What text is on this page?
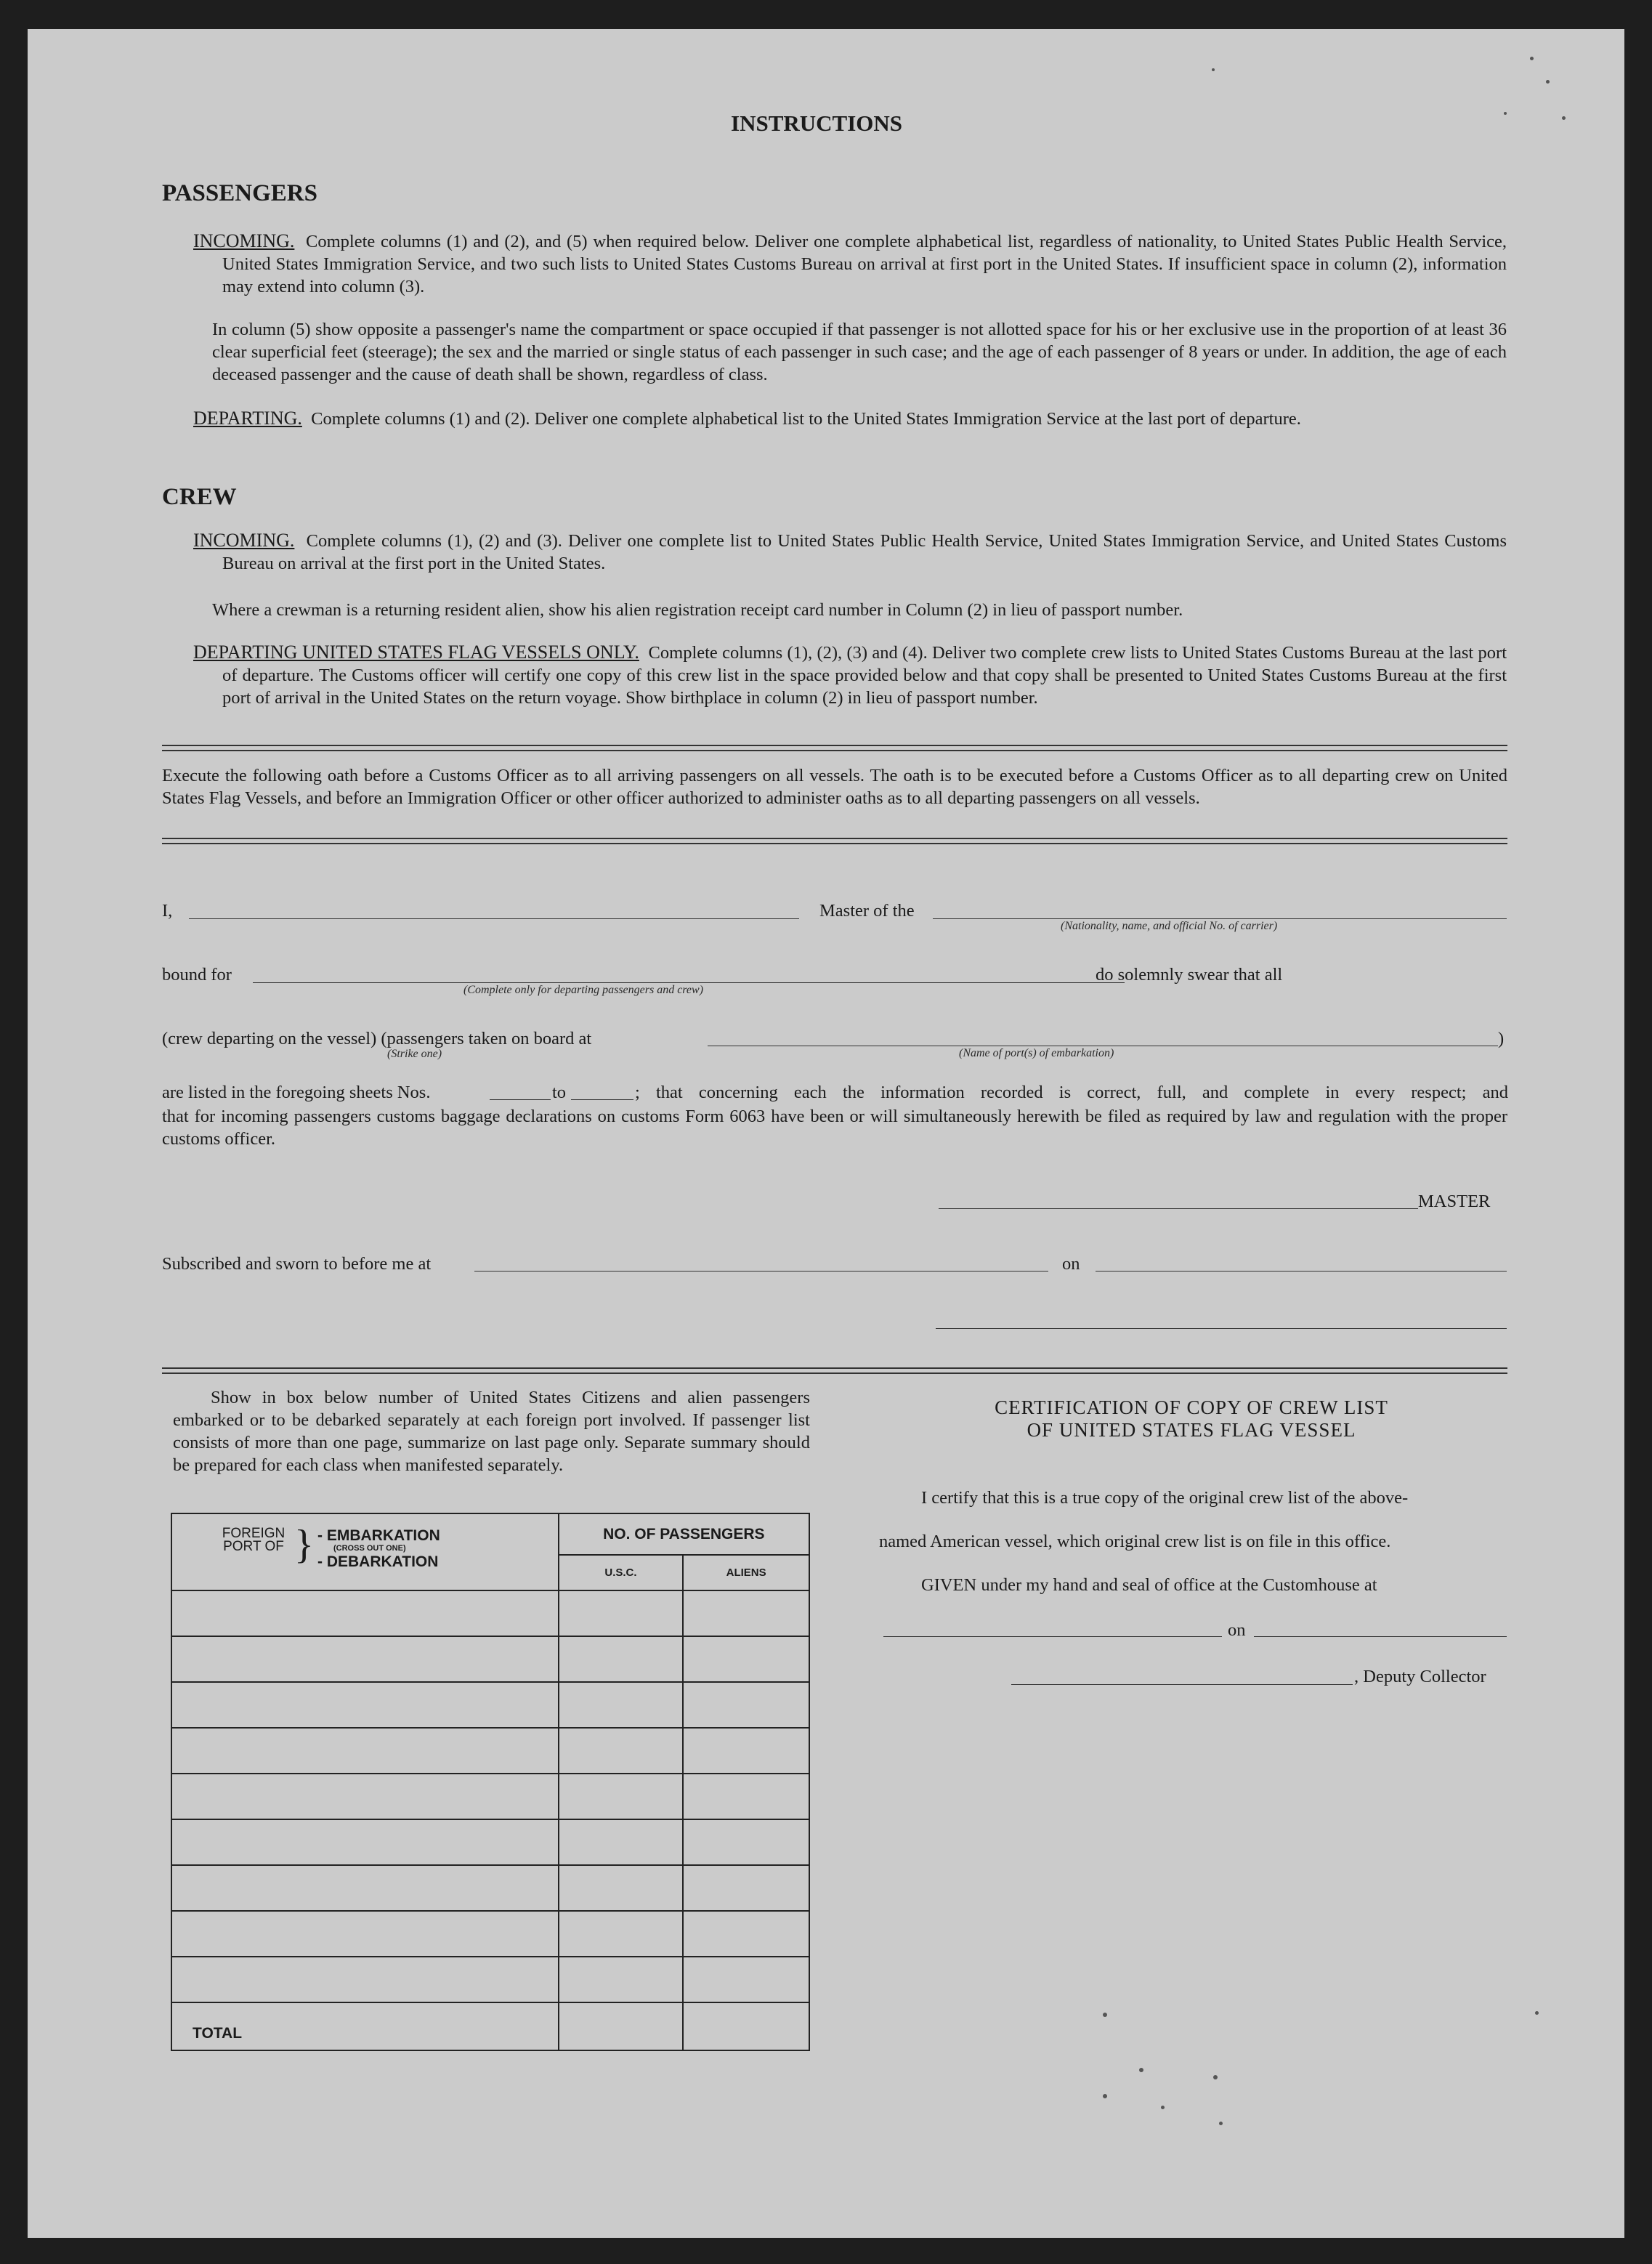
INSTRUCTIONS
PASSENGERS
INCOMING. Complete columns (1) and (2), and (5) when required below. Deliver one complete alphabetical list, regardless of nationality, to United States Public Health Service, United States Immigration Service, and two such lists to United States Customs Bureau on arrival at first port in the United States. If insufficient space in column (2), information may extend into column (3).
In column (5) show opposite a passenger's name the compartment or space occupied if that passenger is not allotted space for his or her exclusive use in the proportion of at least 36 clear superficial feet (steerage); the sex and the married or single status of each passenger in such case; and the age of each passenger of 8 years or under. In addition, the age of each deceased passenger and the cause of death shall be shown, regardless of class.
DEPARTING. Complete columns (1) and (2). Deliver one complete alphabetical list to the United States Immigration Service at the last port of departure.
CREW
INCOMING. Complete columns (1), (2) and (3). Deliver one complete list to United States Public Health Service, United States Immigration Service, and United States Customs Bureau on arrival at the first port in the United States.
Where a crewman is a returning resident alien, show his alien registration receipt card number in Column (2) in lieu of passport number.
DEPARTING UNITED STATES FLAG VESSELS ONLY. Complete columns (1), (2), (3) and (4). Deliver two complete crew lists to United States Customs Bureau at the last port of departure. The Customs officer will certify one copy of this crew list in the space provided below and that copy shall be presented to United States Customs Bureau at the first port of arrival in the United States on the return voyage. Show birthplace in column (2) in lieu of passport number.
Execute the following oath before a Customs Officer as to all arriving passengers on all vessels. The oath is to be executed before a Customs Officer as to all departing crew on United States Flag Vessels, and before an Immigration Officer or other officer authorized to administer oaths as to all departing passengers on all vessels.
I,	Master of the
(Nationality, name, and official No. of carrier)
bound for
(Complete only for departing passengers and crew)
do solemnly swear that all
(crew departing on the vessel) (passengers taken on board at
(Strike one)	(Name of port(s) of embarkation)
)
are listed in the foregoing sheets Nos.	to	; that concerning each the information recorded is correct, full, and complete in every respect; and
that for incoming passengers customs baggage declarations on customs Form 6063 have been or will simultaneously herewith be filed as required by law and regulation with the proper customs officer.
MASTER
Subscribed and sworn to before me at	on
Show in box below number of United States Citizens and alien passengers embarked or to be debarked separately at each foreign port involved. If passenger list consists of more than one page, summarize on last page only. Separate summary should be prepared for each class when manifested separately.
FOREIGN PORT OF } - EMBARKATION
(CROSS OUT ONE)
- DEBARKATION	NO. OF PASSENGERS	
	U.S.C.	ALIENS

TOTAL		
CERTIFICATION OF COPY OF CREW LIST
OF UNITED STATES FLAG VESSEL
I certify that this is a true copy of the original crew list of the above-
named American vessel, which original crew list is on file in this office.
GIVEN under my hand and seal of office at the Customhouse at
on
, Deputy Collector
